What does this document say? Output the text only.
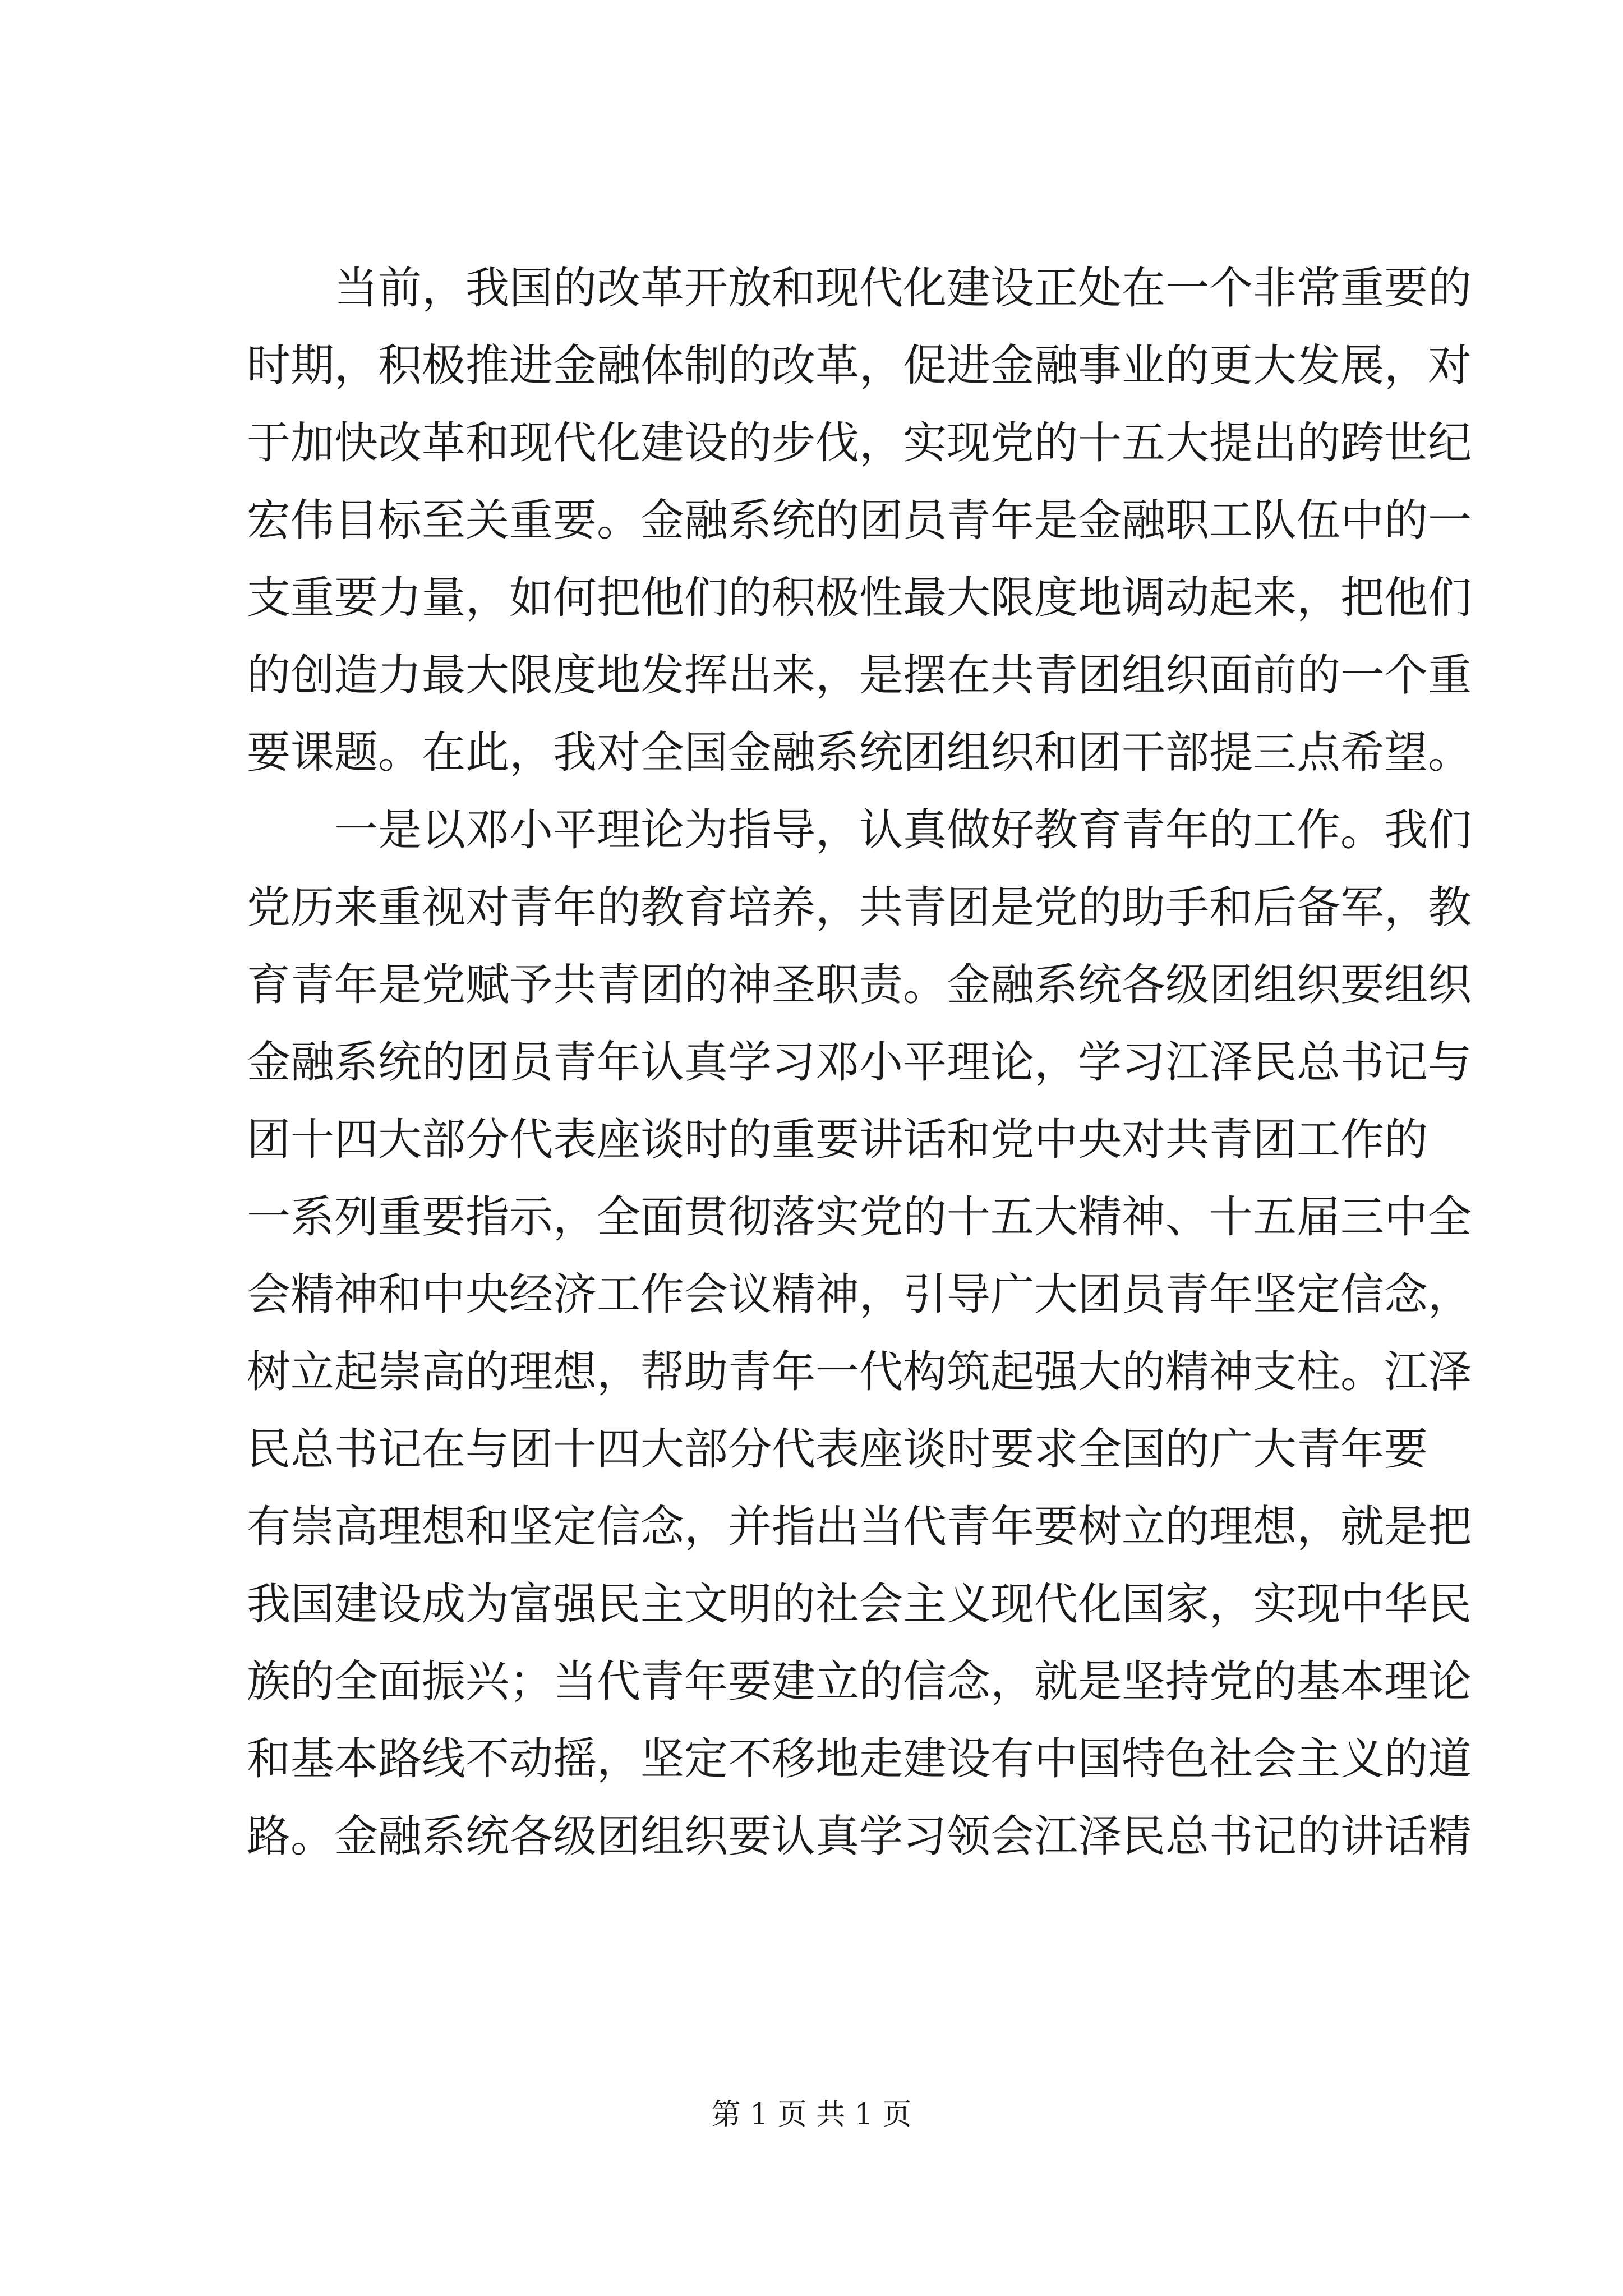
　　当前，我国的改革开放和现代化建设正处在一个非常重要的
时期，积极推进金融体制的改革，促进金融事业的更大发展，对
于加快改革和现代化建设的步伐，实现党的十五大提出的跨世纪
宏伟目标至关重要。金融系统的团员青年是金融职工队伍中的一
支重要力量，如何把他们的积极性最大限度地调动起来，把他们
的创造力最大限度地发挥出来，是摆在共青团组织面前的一个重
要课题。在此，我对全国金融系统团组织和团干部提三点希望。
　　一是以邓小平理论为指导，认真做好教育青年的工作。我们
党历来重视对青年的教育培养，共青团是党的助手和后备军，教
育青年是党赋予共青团的神圣职责。金融系统各级团组织要组织
金融系统的团员青年认真学习邓小平理论，学习江泽民总书记与
团十四大部分代表座谈时的重要讲话和党中央对共青团工作的
一系列重要指示，全面贯彻落实党的十五大精神、十五届三中全
会精神和中央经济工作会议精神，引导广大团员青年坚定信念，
树立起崇高的理想，帮助青年一代构筑起强大的精神支柱。江泽
民总书记在与团十四大部分代表座谈时要求全国的广大青年要
有崇高理想和坚定信念，并指出当代青年要树立的理想，就是把
我国建设成为富强民主文明的社会主义现代化国家，实现中华民
族的全面振兴；当代青年要建立的信念，就是坚持党的基本理论
和基本路线不动摇，坚定不移地走建设有中国特色社会主义的道
路。金融系统各级团组织要认真学习领会江泽民总书记的讲话精
第 1 页 共 1 页
